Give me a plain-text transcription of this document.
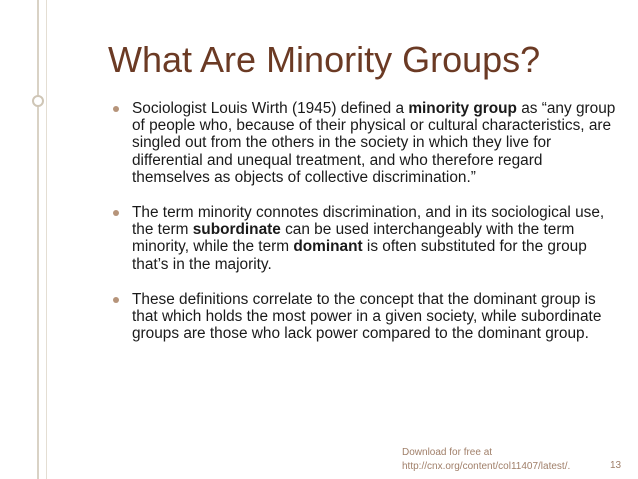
What Are Minority Groups?
Sociologist Louis Wirth (1945) defined a minority group as “any group of people who, because of their physical or cultural characteristics, are singled out from the others in the society in which they live for differential and unequal treatment, and who therefore regard themselves as objects of collective discrimination.”
The term minority connotes discrimination, and in its sociological use, the term subordinate can be used interchangeably with the term minority, while the term dominant is often substituted for the group that’s in the majority.
These definitions correlate to the concept that the dominant group is that which holds the most power in a given society, while subordinate groups are those who lack power compared to the dominant group.
Download for free at
http://cnx.org/content/col11407/latest/.	13
